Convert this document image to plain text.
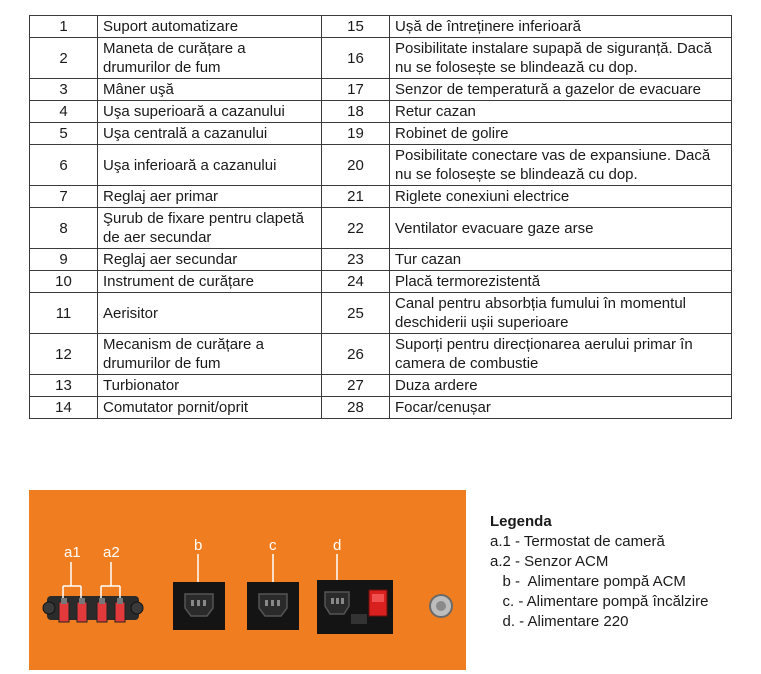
1	Suport automatizare	15	Ușă de întreținere inferioară
2	Maneta de curățare a drumurilor de fum	16	Posibilitate instalare supapă de siguranță. Dacă nu se folosește se blindează cu dop.
3	Mâner uşă	17	Senzor de temperatură a gazelor de evacuare
4	Uşa superioară a cazanului	18	Retur cazan
5	Uşa centrală a cazanului	19	Robinet de golire
6	Uşa inferioară a cazanului	20	Posibilitate conectare vas de expansiune. Dacă nu se folosește se blindează cu dop.
7	Reglaj aer primar	21	Riglete conexiuni electrice
8	Şurub de fixare pentru clapetă de aer secundar	22	Ventilator evacuare gaze arse
9	Reglaj aer secundar	23	Tur cazan
10	Instrument de curățare	24	Placă termorezistentă
11	Aerisitor	25	Canal pentru absorbția fumului în momentul deschiderii ușii superioare
12	Mecanism de curățare a drumurilor de fum	26	Suporți pentru direcționarea aerului primar în camera de combustie
13	Turbionator	27	Duza ardere
14	Comutator pornit/oprit	28	Focar/cenușar
a1 a2	b	c	d
Legenda
a.1 - Termostat de cameră
a.2 - Senzor ACM
b -  Alimentare pompă ACM
c. - Alimentare pompă încălzire
d. - Alimentare 220
